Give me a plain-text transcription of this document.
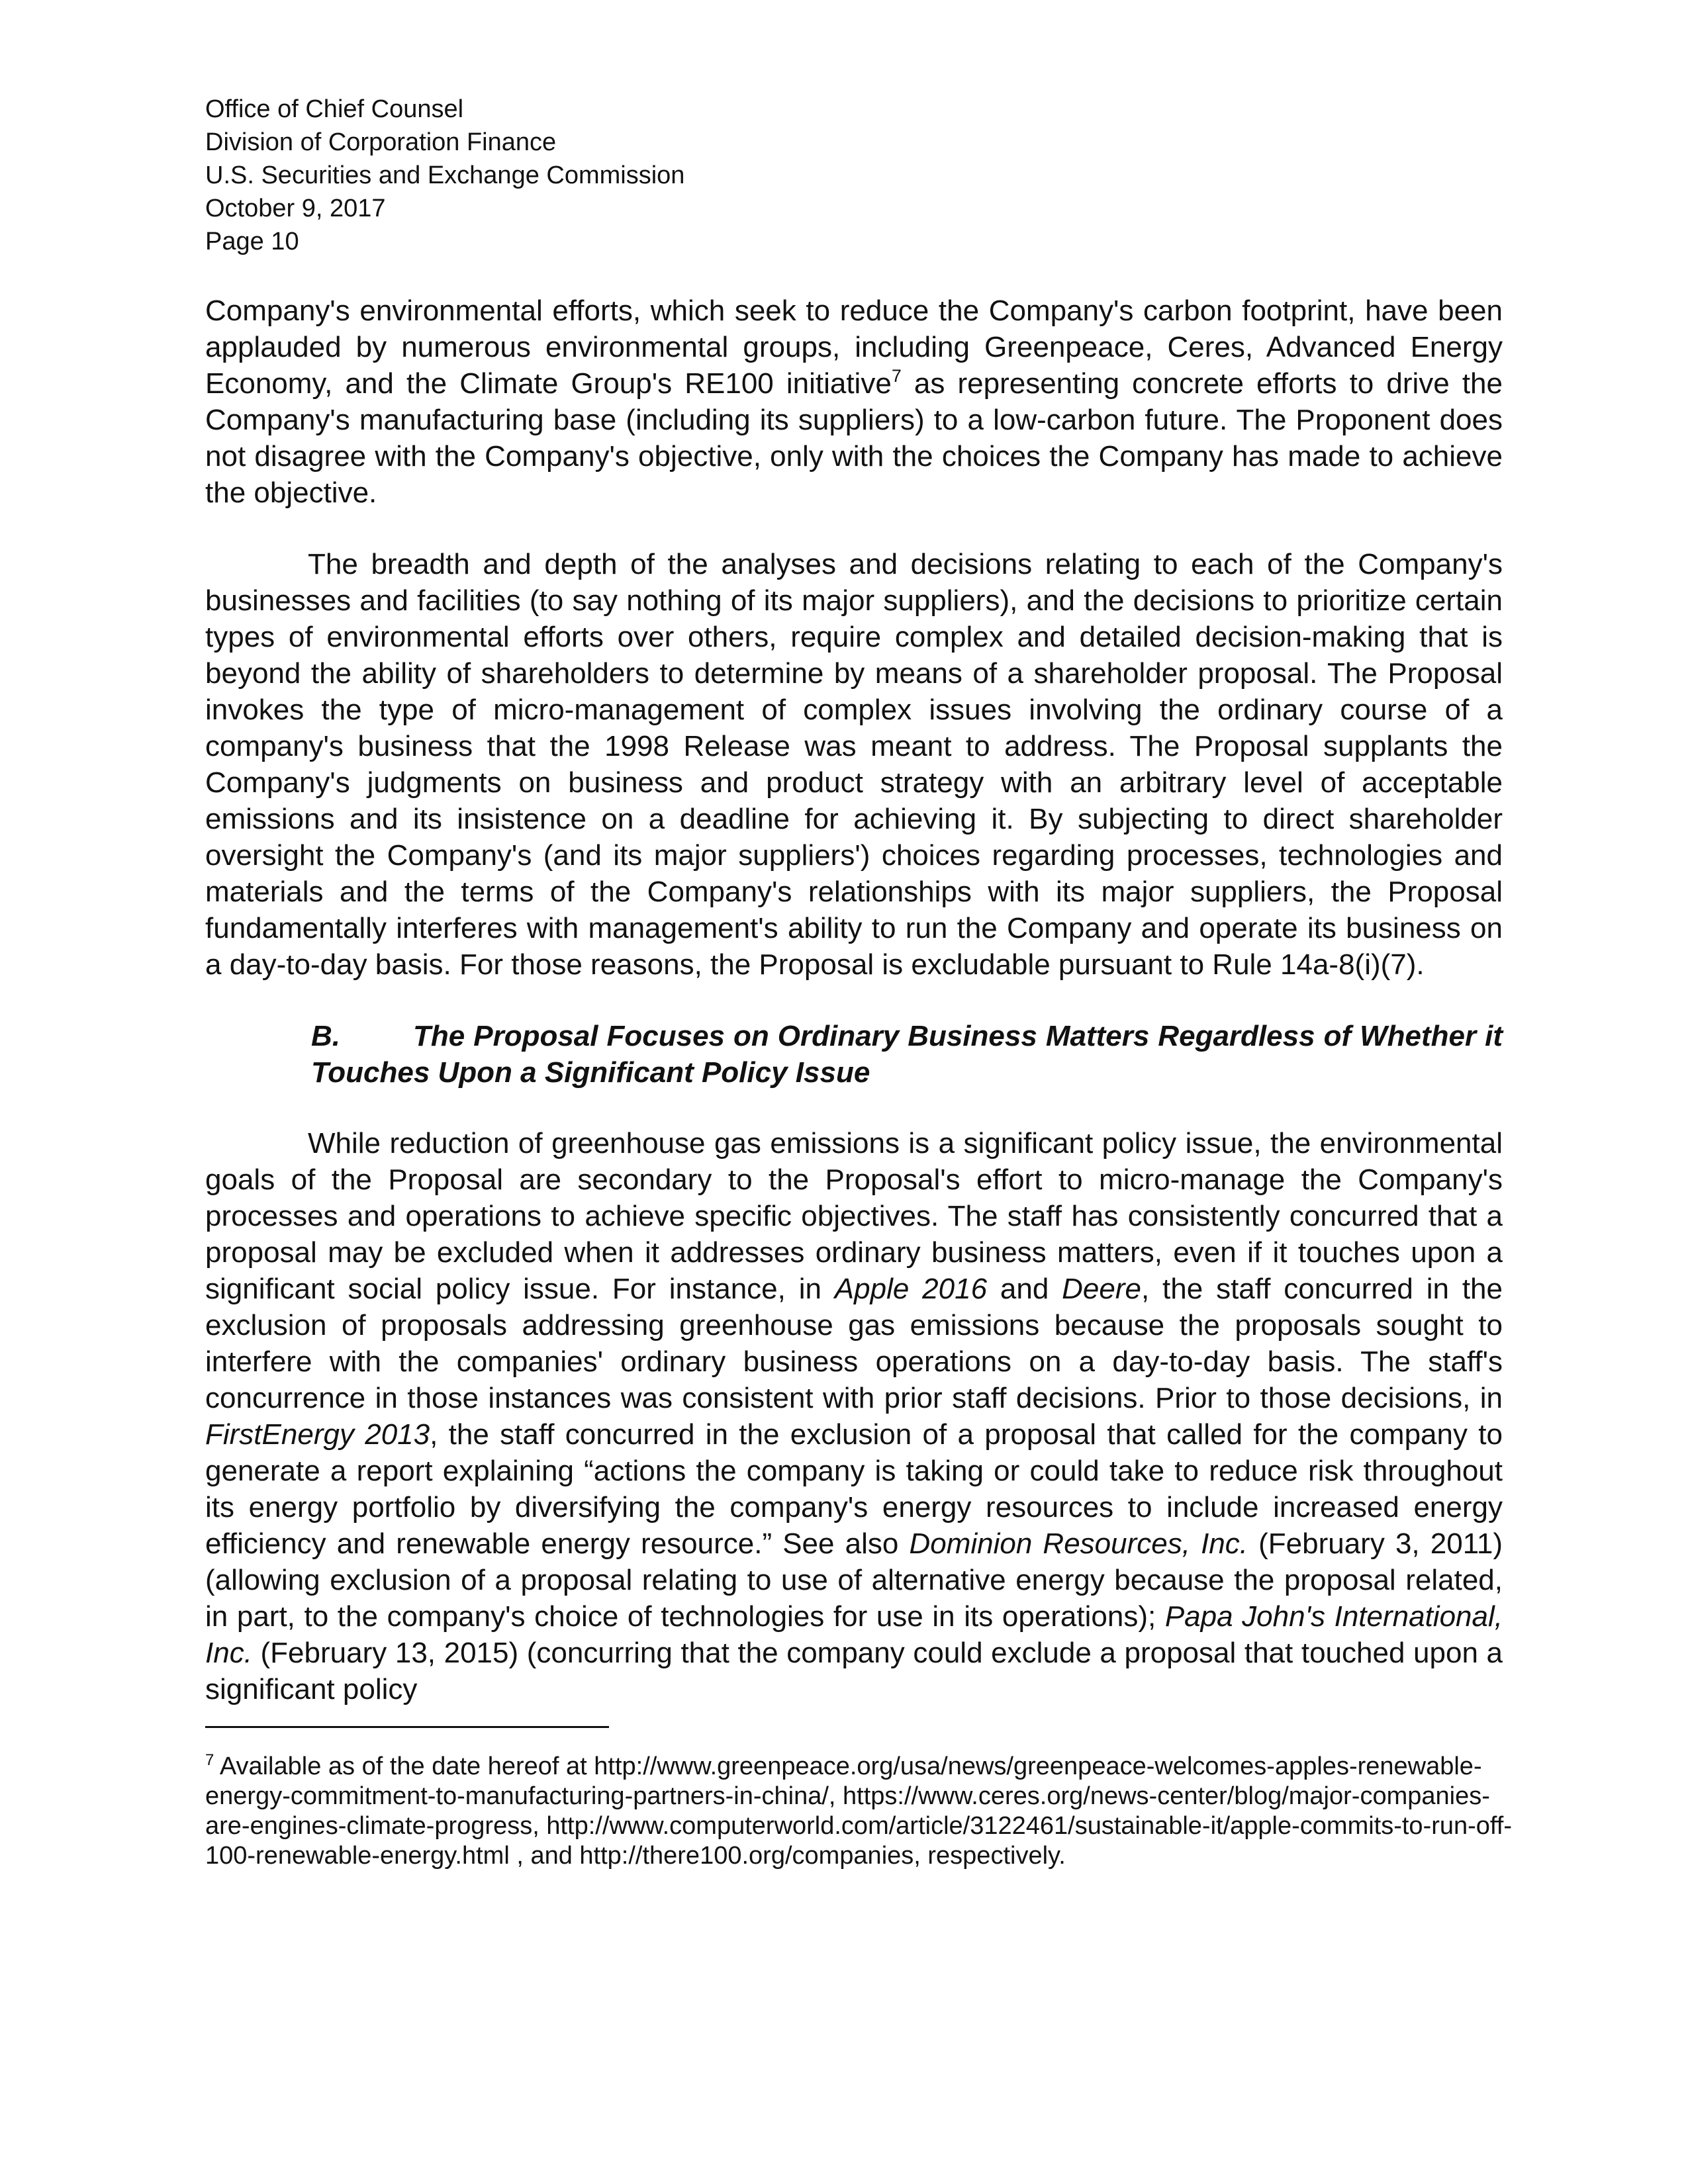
Office of Chief Counsel
Division of Corporation Finance
U.S. Securities and Exchange Commission
October 9, 2017
Page 10

Company's environmental efforts, which seek to reduce the Company's carbon footprint, have been applauded by numerous environmental groups, including Greenpeace, Ceres, Advanced Energy Economy, and the Climate Group's RE100 initiative$^7$ as representing concrete efforts to drive the Company's manufacturing base (including its suppliers) to a low-carbon future. The Proponent does not disagree with the Company's objective, only with the choices the Company has made to achieve the objective.

The breadth and depth of the analyses and decisions relating to each of the Company's businesses and facilities (to say nothing of its major suppliers), and the decisions to prioritize certain types of environmental efforts over others, require complex and detailed decision-making that is beyond the ability of shareholders to determine by means of a shareholder proposal. The Proposal invokes the type of micro-management of complex issues involving the ordinary course of a company's business that the 1998 Release was meant to address. The Proposal supplants the Company's judgments on business and product strategy with an arbitrary level of acceptable emissions and its insistence on a deadline for achieving it. By subjecting to direct shareholder oversight the Company's (and its major suppliers') choices regarding processes, technologies and materials and the terms of the Company's relationships with its major suppliers, the Proposal fundamentally interferes with management's ability to run the Company and operate its business on a day-to-day basis. For those reasons, the Proposal is excludable pursuant to Rule 14a-8(i)(7).

B.	The Proposal Focuses on Ordinary Business Matters Regardless of Whether it Touches Upon a Significant Policy Issue

While reduction of greenhouse gas emissions is a significant policy issue, the environmental goals of the Proposal are secondary to the Proposal's effort to micro-manage the Company's processes and operations to achieve specific objectives. The staff has consistently concurred that a proposal may be excluded when it addresses ordinary business matters, even if it touches upon a significant social policy issue. For instance, in Apple 2016 and Deere, the staff concurred in the exclusion of proposals addressing greenhouse gas emissions because the proposals sought to interfere with the companies' ordinary business operations on a day-to-day basis. The staff's concurrence in those instances was consistent with prior staff decisions. Prior to those decisions, in FirstEnergy 2013, the staff concurred in the exclusion of a proposal that called for the company to generate a report explaining “actions the company is taking or could take to reduce risk throughout its energy portfolio by diversifying the company's energy resources to include increased energy efficiency and renewable energy resource.” See also Dominion Resources, Inc. (February 3, 2011) (allowing exclusion of a proposal relating to use of alternative energy because the proposal related, in part, to the company's choice of technologies for use in its operations); Papa John's International, Inc. (February 13, 2015) (concurring that the company could exclude a proposal that touched upon a significant policy

$^7$ Available as of the date hereof at http://www.greenpeace.org/usa/news/greenpeace-welcomes-apples-renewable-energy-commitment-to-manufacturing-partners-in-china/, https://www.ceres.org/news-center/blog/major-companies-are-engines-climate-progress, http://www.computerworld.com/article/3122461/sustainable-it/apple-commits-to-run-off-100-renewable-energy.html , and http://there100.org/companies, respectively.
